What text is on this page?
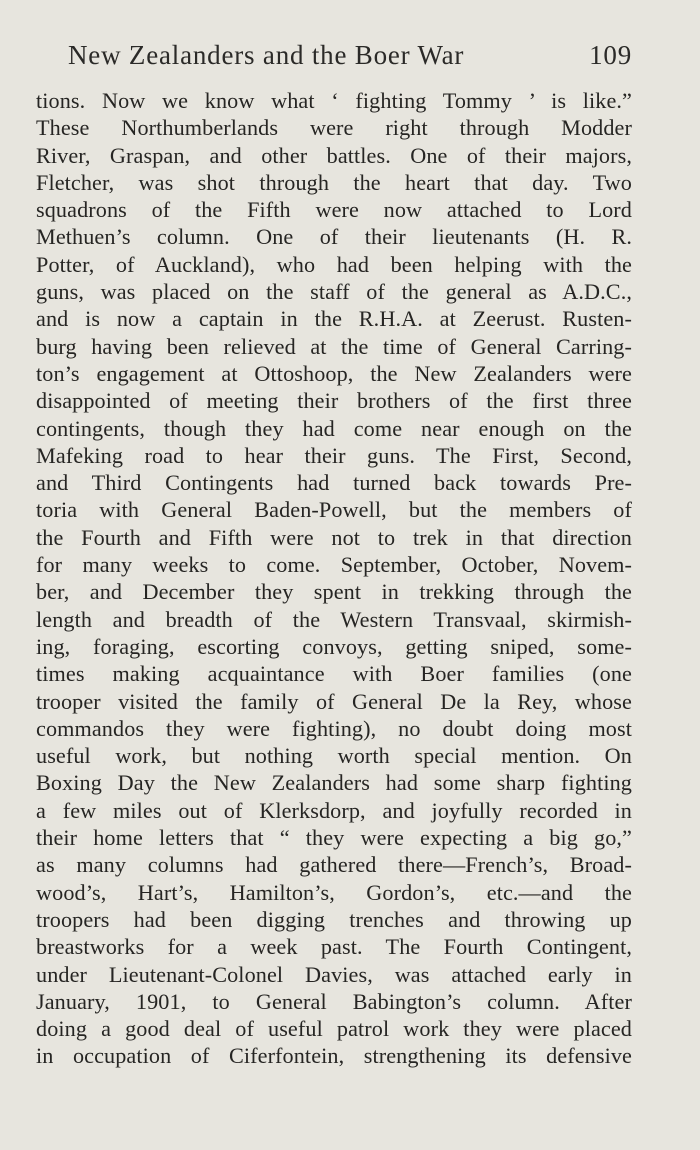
New Zealanders and the Boer War	109
tions. Now we know what ‘ fighting Tommy ’ is like.”
These Northumberlands were right through Modder
River, Graspan, and other battles. One of their majors,
Fletcher, was shot through the heart that day. Two
squadrons of the Fifth were now attached to Lord
Methuen’s column. One of their lieutenants (H. R.
Potter, of Auckland), who had been helping with the
guns, was placed on the staff of the general as A.D.C.,
and is now a captain in the R.H.A. at Zeerust. Rusten-
burg having been relieved at the time of General Carring-
ton’s engagement at Ottoshoop, the New Zealanders were
disappointed of meeting their brothers of the first three
contingents, though they had come near enough on the
Mafeking road to hear their guns. The First, Second,
and Third Contingents had turned back towards Pre-
toria with General Baden-Powell, but the members of
the Fourth and Fifth were not to trek in that direction
for many weeks to come. September, October, Novem-
ber, and December they spent in trekking through the
length and breadth of the Western Transvaal, skirmish-
ing, foraging, escorting convoys, getting sniped, some-
times making acquaintance with Boer families (one
trooper visited the family of General De la Rey, whose
commandos they were fighting), no doubt doing most
useful work, but nothing worth special mention. On
Boxing Day the New Zealanders had some sharp fighting
a few miles out of Klerksdorp, and joyfully recorded in
their home letters that “ they were expecting a big go,”
as many columns had gathered there—French’s, Broad-
wood’s, Hart’s, Hamilton’s, Gordon’s, etc.—and the
troopers had been digging trenches and throwing up
breastworks for a week past. The Fourth Contingent,
under Lieutenant-Colonel Davies, was attached early in
January, 1901, to General Babington’s column. After
doing a good deal of useful patrol work they were placed
in occupation of Ciferfontein, strengthening its defensive
